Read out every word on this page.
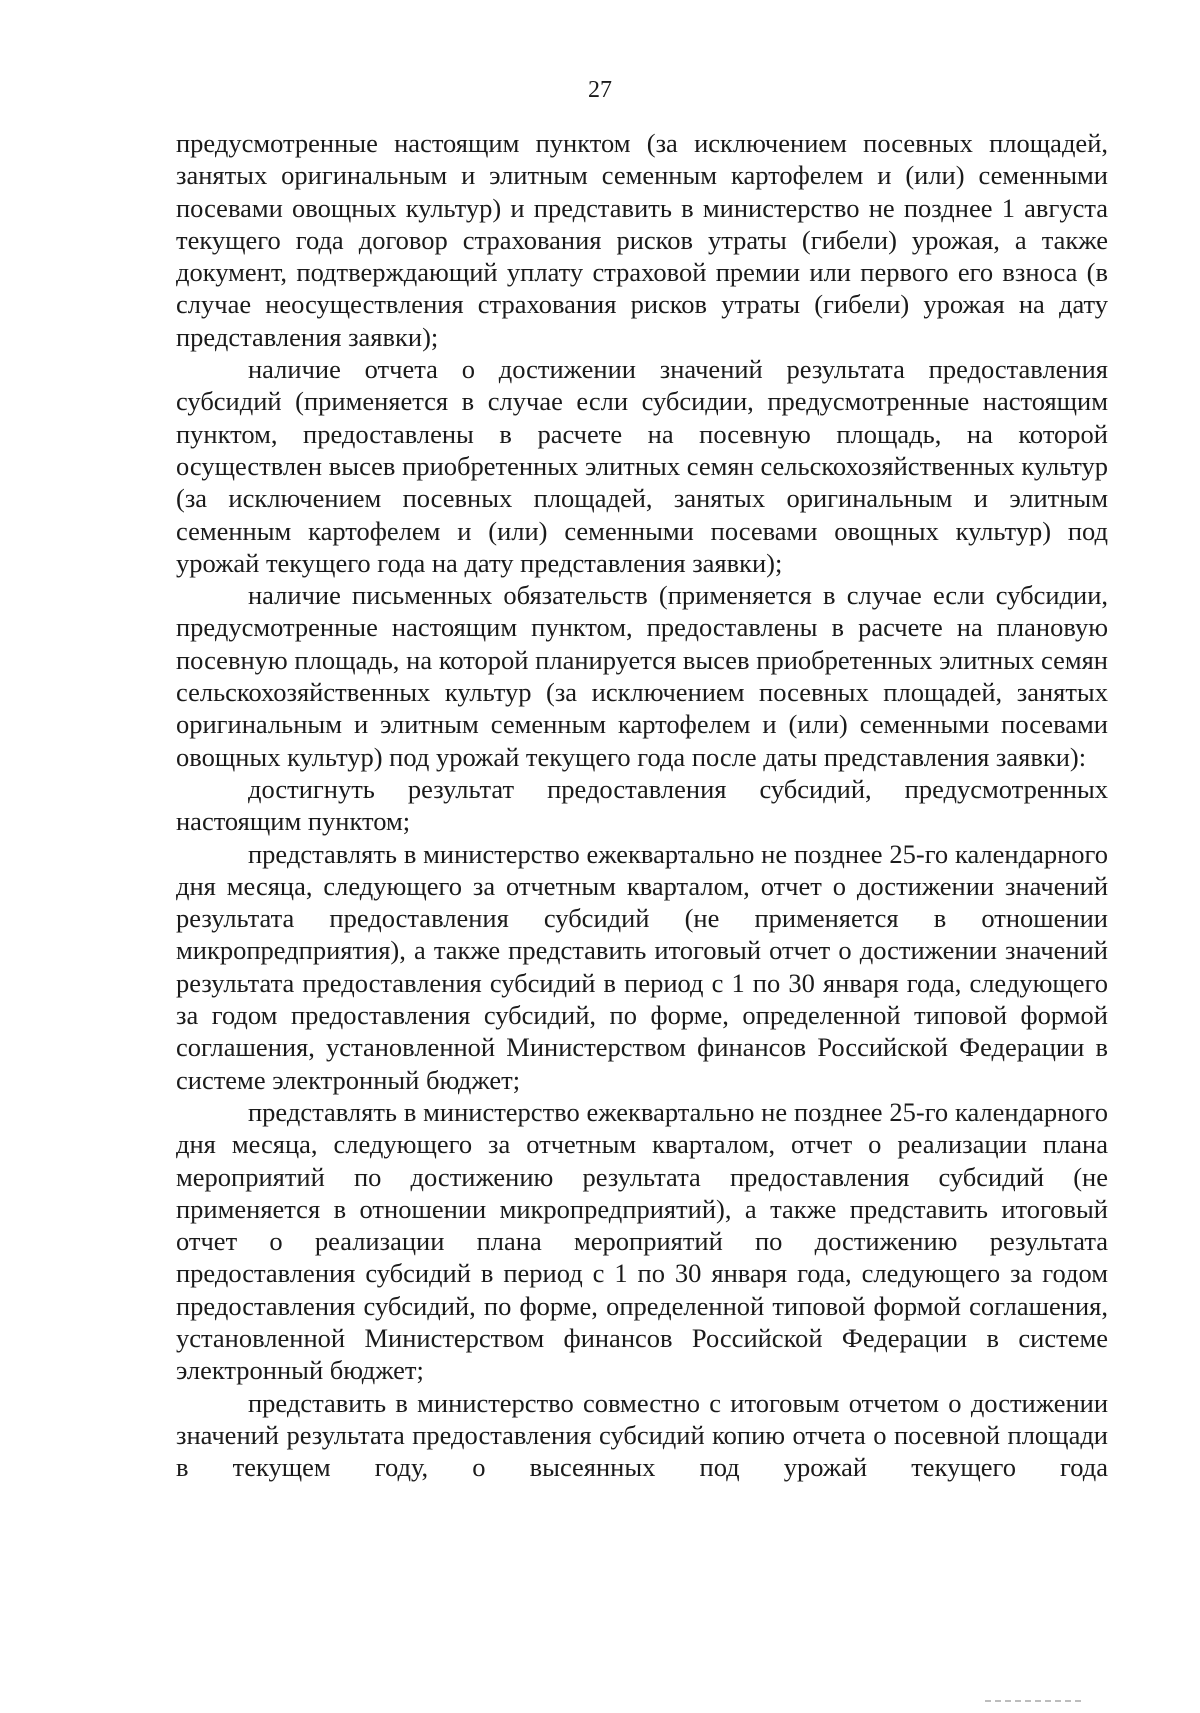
27

предусмотренные настоящим пунктом (за исключением посевных площадей, занятых оригинальным и элитным семенным картофелем и (или) семенными посевами овощных культур) и представить в министерство не позднее 1 августа текущего года договор страхования рисков утраты (гибели) урожая, а также документ, подтверждающий уплату страховой премии или первого его взноса (в случае неосуществления страхования рисков утраты (гибели) урожая на дату представления заявки);

наличие отчета о достижении значений результата предоставления субсидий (применяется в случае если субсидии, предусмотренные настоящим пунктом, предоставлены в расчете на посевную площадь, на которой осуществлен высев приобретенных элитных семян сельскохозяйственных культур (за исключением посевных площадей, занятых оригинальным и элитным семенным картофелем и (или) семенными посевами овощных культур) под урожай текущего года на дату представления заявки);

наличие письменных обязательств (применяется в случае если субсидии, предусмотренные настоящим пунктом, предоставлены в расчете на плановую посевную площадь, на которой планируется высев приобретенных элитных семян сельскохозяйственных культур (за исключением посевных площадей, занятых оригинальным и элитным семенным картофелем и (или) семенными посевами овощных культур) под урожай текущего года после даты представления заявки):

достигнуть результат предоставления субсидий, предусмотренных настоящим пунктом;

представлять в министерство ежеквартально не позднее 25-го календарного дня месяца, следующего за отчетным кварталом, отчет о достижении значений результата предоставления субсидий (не применяется в отношении микропредприятия), а также представить итоговый отчет о достижении значений результата предоставления субсидий в период с 1 по 30 января года, следующего за годом предоставления субсидий, по форме, определенной типовой формой соглашения, установленной Министерством финансов Российской Федерации в системе электронный бюджет;

представлять в министерство ежеквартально не позднее 25-го календарного дня месяца, следующего за отчетным кварталом, отчет о реализации плана мероприятий по достижению результата предоставления субсидий (не применяется в отношении микропредприятий), а также представить итоговый отчет о реализации плана мероприятий по достижению результата предоставления субсидий в период с 1 по 30 января года, следующего за годом предоставления субсидий, по форме, определенной типовой формой соглашения, установленной Министерством финансов Российской Федерации в системе электронный бюджет;

представить в министерство совместно с итоговым отчетом о достижении значений результата предоставления субсидий копию отчета о посевной площади в текущем году, о высеянных под урожай текущего года
